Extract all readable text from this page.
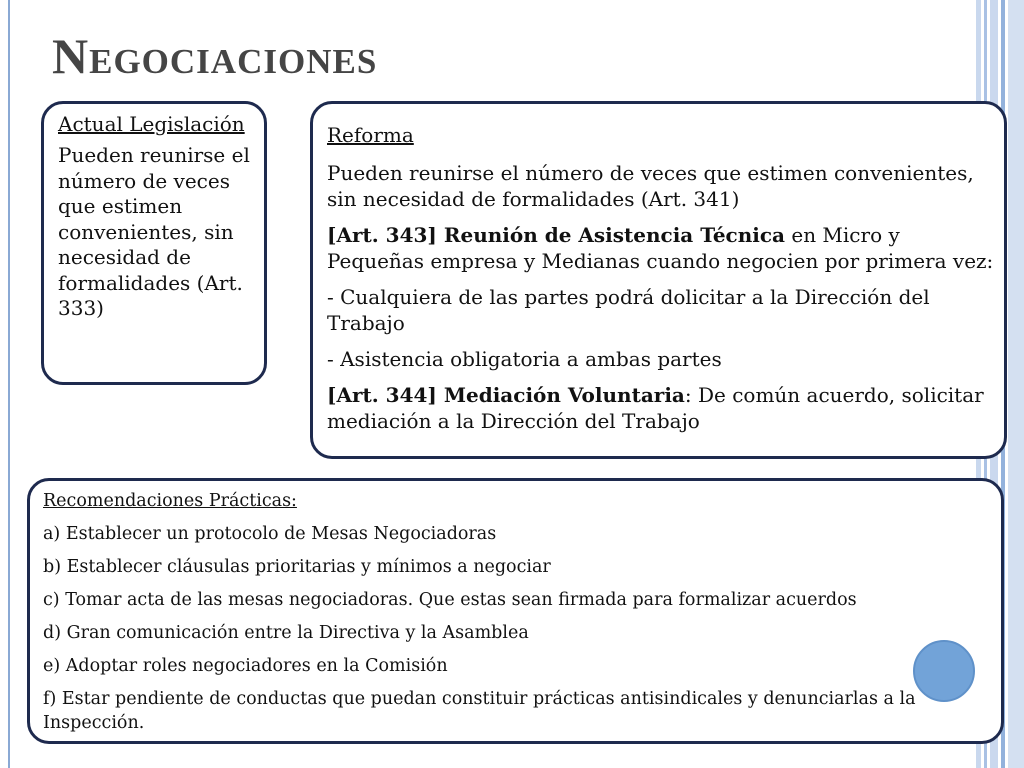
Negociaciones

Actual Legislación

Pueden reunirse el número de veces que estimen convenientes, sin necesidad de formalidades (Art. 333)

Reforma

Pueden reunirse el número de veces que estimen convenientes, sin necesidad de formalidades (Art. 341)

[Art. 343] Reunión de Asistencia Técnica en Micro y Pequeñas empresa y Medianas cuando negocien por primera vez:

- Cualquiera de las partes podrá dolicitar a la Dirección del Trabajo

- Asistencia obligatoria a ambas partes

[Art. 344] Mediación Voluntaria: De común acuerdo, solicitar mediación a la Dirección del Trabajo

Recomendaciones Prácticas:

a) Establecer un protocolo de Mesas Negociadoras

b) Establecer cláusulas prioritarias y mínimos a negociar

c) Tomar acta de las mesas negociadoras. Que estas sean firmada para formalizar acuerdos

d) Gran comunicación entre la Directiva y la Asamblea

e) Adoptar roles negociadores en la Comisión

f) Estar pendiente de conductas que puedan constituir prácticas antisindicales y denunciarlas a la Inspección.
